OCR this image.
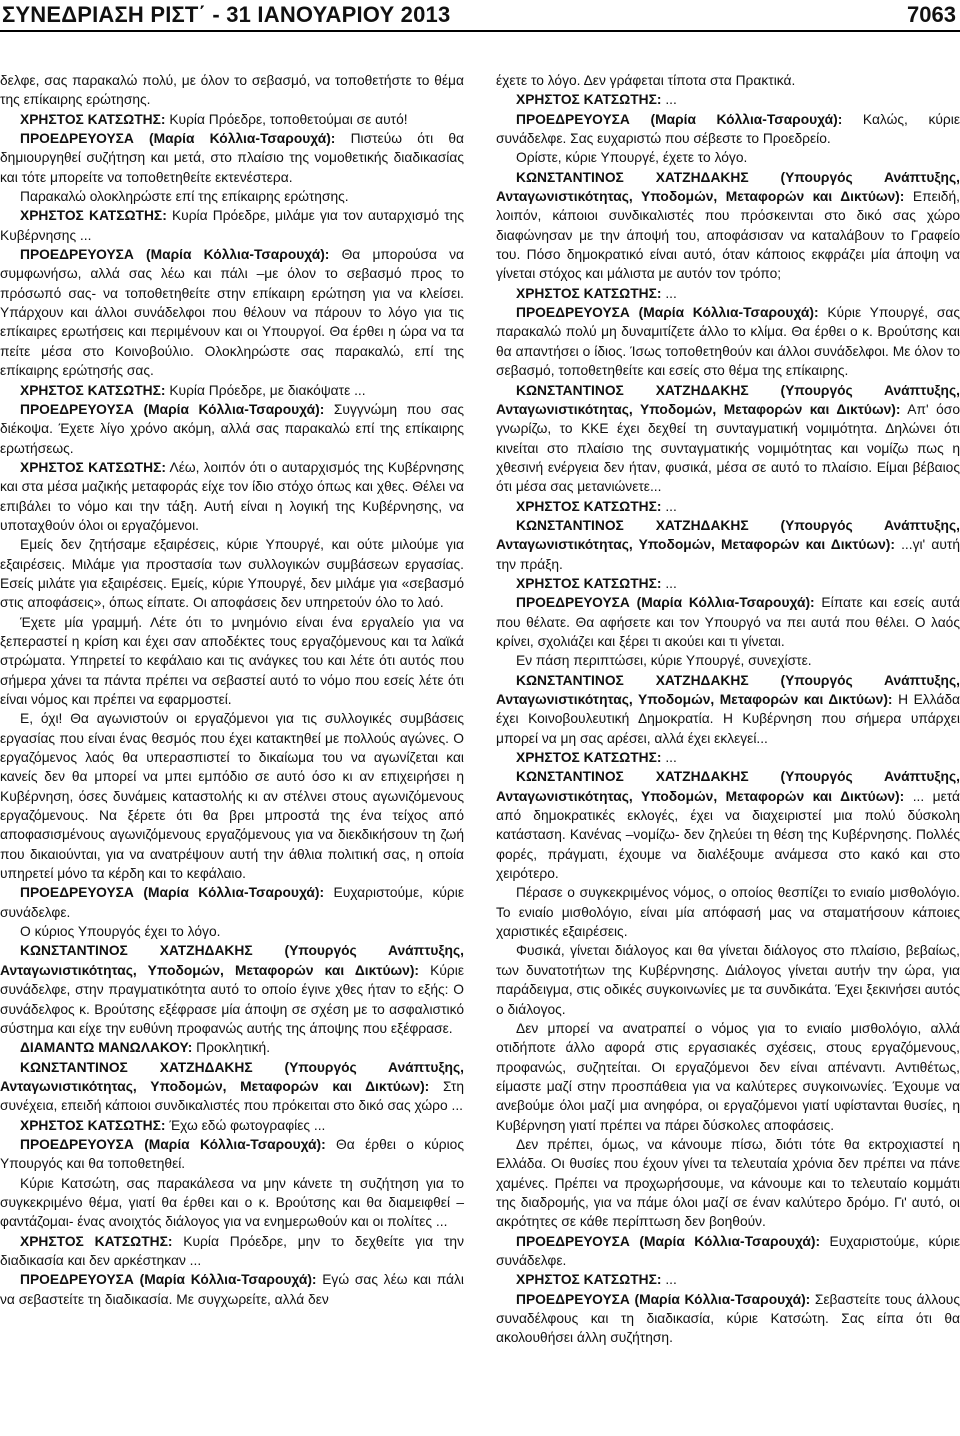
ΣΥΝΕΔΡΙΑΣΗ ΡΙΣΤ΄ - 31 ΙΑΝΟΥΑΡΙΟΥ 2013	7063

δελφε, σας παρακαλώ πολύ, με όλον το σεβασμό, να τοποθετήστε το θέμα της επίκαιρης ερώτησης.

ΧΡΗΣΤΟΣ ΚΑΤΣΩΤΗΣ: Κυρία Πρόεδρε, τοποθετούμαι σε αυτό!

ΠΡΟΕΔΡΕΥΟΥΣΑ (Μαρία Κόλλια-Τσαρουχά): Πιστεύω ότι θα δημιουργηθεί συζήτηση και μετά, στο πλαίσιο της νομοθετικής διαδικασίας και τότε μπορείτε να τοποθετηθείτε εκτενέστερα.

Παρακαλώ ολοκληρώστε επί της επίκαιρης ερώτησης.

ΧΡΗΣΤΟΣ ΚΑΤΣΩΤΗΣ: Κυρία Πρόεδρε, μιλάμε για τον αυταρχισμό της Κυβέρνησης ...

ΠΡΟΕΔΡΕΥΟΥΣΑ (Μαρία Κόλλια-Τσαρουχά): Θα μπορούσα να συμφωνήσω, αλλά σας λέω και πάλι –με όλον το σεβασμό προς το πρόσωπό σας- να τοποθετηθείτε στην επίκαιρη ερώτηση για να κλείσει. Υπάρχουν και άλλοι συνάδελφοι που θέλουν να πάρουν το λόγο για τις επίκαιρες ερωτήσεις και περιμένουν και οι Υπουργοί. Θα έρθει η ώρα να τα πείτε μέσα στο Κοινοβούλιο. Ολοκληρώστε σας παρακαλώ, επί της επίκαιρης ερώτησής σας.

ΧΡΗΣΤΟΣ ΚΑΤΣΩΤΗΣ: Κυρία Πρόεδρε, με διακόψατε ...

ΠΡΟΕΔΡΕΥΟΥΣΑ (Μαρία Κόλλια-Τσαρουχά): Συγγνώμη που σας διέκοψα. Έχετε λίγο χρόνο ακόμη, αλλά σας παρακαλώ επί της επίκαιρης ερωτήσεως.

ΧΡΗΣΤΟΣ ΚΑΤΣΩΤΗΣ: Λέω, λοιπόν ότι ο αυταρχισμός της Κυβέρνησης και στα μέσα μαζικής μεταφοράς είχε τον ίδιο στόχο όπως και χθες. Θέλει να επιβάλει το νόμο και την τάξη. Αυτή είναι η λογική της Κυβέρνησης, να υποταχθούν όλοι οι εργαζόμενοι.

Εμείς δεν ζητήσαμε εξαιρέσεις, κύριε Υπουργέ, και ούτε μιλούμε για εξαιρέσεις. Μιλάμε για προστασία των συλλογικών συμβάσεων εργασίας. Εσείς μιλάτε για εξαιρέσεις. Εμείς, κύριε Υπουργέ, δεν μιλάμε για «σεβασμό στις αποφάσεις», όπως είπατε. Οι αποφάσεις δεν υπηρετούν όλο το λαό.

Έχετε μία γραμμή. Λέτε ότι το μνημόνιο είναι ένα εργαλείο για να ξεπεραστεί η κρίση και έχει σαν αποδέκτες τους εργαζόμενους και τα λαϊκά στρώματα. Υπηρετεί το κεφάλαιο και τις ανάγκες του και λέτε ότι αυτός που σήμερα χάνει τα πάντα πρέπει να σεβαστεί αυτό το νόμο που εσείς λέτε ότι είναι νόμος και πρέπει να εφαρμοστεί.

Ε, όχι! Θα αγωνιστούν οι εργαζόμενοι για τις συλλογικές συμβάσεις εργασίας που είναι ένας θεσμός που έχει κατακτηθεί με πολλούς αγώνες. Ο εργαζόμενος λαός θα υπερασπιστεί το δικαίωμα του να αγωνίζεται και κανείς δεν θα μπορεί να μπει εμπόδιο σε αυτό όσο κι αν επιχειρήσει η Κυβέρνηση, όσες δυνάμεις καταστολής κι αν στέλνει στους αγωνιζόμενους εργαζόμενους. Να ξέρετε ότι θα βρει μπροστά της ένα τείχος από αποφασισμένους αγωνιζόμενους εργαζόμενους για να διεκδικήσουν τη ζωή που δικαιούνται, για να ανατρέψουν αυτή την άθλια πολιτική σας, η οποία υπηρετεί μόνο τα κέρδη και το κεφάλαιο.

ΠΡΟΕΔΡΕΥΟΥΣΑ (Μαρία Κόλλια-Τσαρουχά): Ευχαριστούμε, κύριε συνάδελφε.

Ο κύριος Υπουργός έχει το λόγο.

ΚΩΝΣΤΑΝΤΙΝΟΣ ΧΑΤΖΗΔΑΚΗΣ (Υπουργός Ανάπτυξης, Ανταγωνιστικότητας, Υποδομών, Μεταφορών και Δικτύων): Κύριε συνάδελφε, στην πραγματικότητα αυτό το οποίο έγινε χθες ήταν το εξής: Ο συνάδελφος κ. Βρούτσης εξέφρασε μία άποψη σε σχέση με το ασφαλιστικό σύστημα και είχε την ευθύνη προφανώς αυτής της άποψης που εξέφρασε.

ΔΙΑΜΑΝΤΩ ΜΑΝΩΛΑΚΟΥ: Προκλητική.

ΚΩΝΣΤΑΝΤΙΝΟΣ ΧΑΤΖΗΔΑΚΗΣ (Υπουργός Ανάπτυξης, Ανταγωνιστικότητας, Υποδομών, Μεταφορών και Δικτύων): Στη συνέχεια, επειδή κάποιοι συνδικαλιστές που πρόκειται στο δικό σας χώρο ...

ΧΡΗΣΤΟΣ ΚΑΤΣΩΤΗΣ: Έχω εδώ φωτογραφίες ...

ΠΡΟΕΔΡΕΥΟΥΣΑ (Μαρία Κόλλια-Τσαρουχά): Θα έρθει ο κύριος Υπουργός και θα τοποθετηθεί.

Κύριε Κατσώτη, σας παρακάλεσα να μην κάνετε τη συζήτηση για το συγκεκριμένο θέμα, γιατί θα έρθει και ο κ. Βρούτσης και θα διαμειφθεί –φαντάζομαι- ένας ανοιχτός διάλογος για να ενημερωθούν και οι πολίτες ...

ΧΡΗΣΤΟΣ ΚΑΤΣΩΤΗΣ: Κυρία Πρόεδρε, μην το δεχθείτε για την διαδικασία και δεν αρκέστηκαν ...

ΠΡΟΕΔΡΕΥΟΥΣΑ (Μαρία Κόλλια-Τσαρουχά): Εγώ σας λέω και πάλι να σεβαστείτε τη διαδικασία. Με συγχωρείτε, αλλά δεν

έχετε το λόγο. Δεν γράφεται τίποτα στα Πρακτικά.

ΧΡΗΣΤΟΣ ΚΑΤΣΩΤΗΣ: ...

ΠΡΟΕΔΡΕΥΟΥΣΑ (Μαρία Κόλλια-Τσαρουχά): Καλώς, κύριε συνάδελφε. Σας ευχαριστώ που σέβεστε το Προεδρείο.

Ορίστε, κύριε Υπουργέ, έχετε το λόγο.

ΚΩΝΣΤΑΝΤΙΝΟΣ ΧΑΤΖΗΔΑΚΗΣ (Υπουργός Ανάπτυξης, Ανταγωνιστικότητας, Υποδομών, Μεταφορών και Δικτύων): Επειδή, λοιπόν, κάποιοι συνδικαλιστές που πρόσκεινται στο δικό σας χώρο διαφώνησαν με την άποψή του, αποφάσισαν να καταλάβουν το Γραφείο του. Πόσο δημοκρατικό είναι αυτό, όταν κάποιος εκφράζει μία άποψη να γίνεται στόχος και μάλιστα με αυτόν τον τρόπο;

ΧΡΗΣΤΟΣ ΚΑΤΣΩΤΗΣ: ...

ΠΡΟΕΔΡΕΥΟΥΣΑ (Μαρία Κόλλια-Τσαρουχά): Κύριε Υπουργέ, σας παρακαλώ πολύ μη δυναμιτίζετε άλλο το κλίμα. Θα έρθει ο κ. Βρούτσης και θα απαντήσει ο ίδιος. Ίσως τοποθετηθούν και άλλοι συνάδελφοι. Με όλον το σεβασμό, τοποθετηθείτε και εσείς στο θέμα της επίκαιρης.

ΚΩΝΣΤΑΝΤΙΝΟΣ ΧΑΤΖΗΔΑΚΗΣ (Υπουργός Ανάπτυξης, Ανταγωνιστικότητας, Υποδομών, Μεταφορών και Δικτύων): Απ' όσο γνωρίζω, το ΚΚΕ έχει δεχθεί τη συνταγματική νομιμότητα. Δηλώνει ότι κινείται στο πλαίσιο της συνταγματικής νομιμότητας και νομίζω πως η χθεσινή ενέργεια δεν ήταν, φυσικά, μέσα σε αυτό το πλαίσιο. Είμαι βέβαιος ότι μέσα σας μετανιώνετε...

ΧΡΗΣΤΟΣ ΚΑΤΣΩΤΗΣ: ...

ΚΩΝΣΤΑΝΤΙΝΟΣ ΧΑΤΖΗΔΑΚΗΣ (Υπουργός Ανάπτυξης, Ανταγωνιστικότητας, Υποδομών, Μεταφορών και Δικτύων): ...γι' αυτή την πράξη.

ΧΡΗΣΤΟΣ ΚΑΤΣΩΤΗΣ: ...

ΠΡΟΕΔΡΕΥΟΥΣΑ (Μαρία Κόλλια-Τσαρουχά): Είπατε και εσείς αυτά που θέλατε. Θα αφήσετε και τον Υπουργό να πει αυτά που θέλει. Ο λαός κρίνει, σχολιάζει και ξέρει τι ακούει και τι γίνεται.

Εν πάση περιπτώσει, κύριε Υπουργέ, συνεχίστε.

ΚΩΝΣΤΑΝΤΙΝΟΣ ΧΑΤΖΗΔΑΚΗΣ (Υπουργός Ανάπτυξης, Ανταγωνιστικότητας, Υποδομών, Μεταφορών και Δικτύων): Η Ελλάδα έχει Κοινοβουλευτική Δημοκρατία. Η Κυβέρνηση που σήμερα υπάρχει μπορεί να μη σας αρέσει, αλλά έχει εκλεγεί...

ΧΡΗΣΤΟΣ ΚΑΤΣΩΤΗΣ: ...

ΚΩΝΣΤΑΝΤΙΝΟΣ ΧΑΤΖΗΔΑΚΗΣ (Υπουργός Ανάπτυξης, Ανταγωνιστικότητας, Υποδομών, Μεταφορών και Δικτύων): ... μετά από δημοκρατικές εκλογές, έχει να διαχειριστεί μια πολύ δύσκολη κατάσταση. Κανένας –νομίζω- δεν ζηλεύει τη θέση της Κυβέρνησης. Πολλές φορές, πράγματι, έχουμε να διαλέξουμε ανάμεσα στο κακό και στο χειρότερο.

Πέρασε ο συγκεκριμένος νόμος, ο οποίος θεσπίζει το ενιαίο μισθολόγιο. Το ενιαίο μισθολόγιο, είναι μία απόφασή μας να σταματήσουν κάποιες χαριστικές εξαιρέσεις.

Φυσικά, γίνεται διάλογος και θα γίνεται διάλογος στο πλαίσιο, βεβαίως, των δυνατοτήτων της Κυβέρνησης. Διάλογος γίνεται αυτήν την ώρα, για παράδειγμα, στις οδικές συγκοινωνίες με τα συνδικάτα. Έχει ξεκινήσει αυτός ο διάλογος.

Δεν μπορεί να ανατραπεί ο νόμος για το ενιαίο μισθολόγιο, αλλά οτιδήποτε άλλο αφορά στις εργασιακές σχέσεις, στους εργαζόμενους, προφανώς, συζητείται. Οι εργαζόμενοι δεν είναι απέναντι. Αντιθέτως, είμαστε μαζί στην προσπάθεια για να καλύτερες συγκοινωνίες. Έχουμε να ανεβούμε όλοι μαζί μια ανηφόρα, οι εργαζόμενοι γιατί υφίστανται θυσίες, η Κυβέρνηση γιατί πρέπει να πάρει δύσκολες αποφάσεις.

Δεν πρέπει, όμως, να κάνουμε πίσω, διότι τότε θα εκτροχιαστεί η Ελλάδα. Οι θυσίες που έχουν γίνει τα τελευταία χρόνια δεν πρέπει να πάνε χαμένες. Πρέπει να προχωρήσουμε, να κάνουμε και το τελευταίο κομμάτι της διαδρομής, για να πάμε όλοι μαζί σε έναν καλύτερο δρόμο. Γι' αυτό, οι ακρότητες σε κάθε περίπτωση δεν βοηθούν.

ΠΡΟΕΔΡΕΥΟΥΣΑ (Μαρία Κόλλια-Τσαρουχά): Ευχαριστούμε, κύριε συνάδελφε.

ΧΡΗΣΤΟΣ ΚΑΤΣΩΤΗΣ: ...

ΠΡΟΕΔΡΕΥΟΥΣΑ (Μαρία Κόλλια-Τσαρουχά): Σεβαστείτε τους άλλους συναδέλφους και τη διαδικασία, κύριε Κατσώτη. Σας είπα ότι θα ακολουθήσει άλλη συζήτηση.
